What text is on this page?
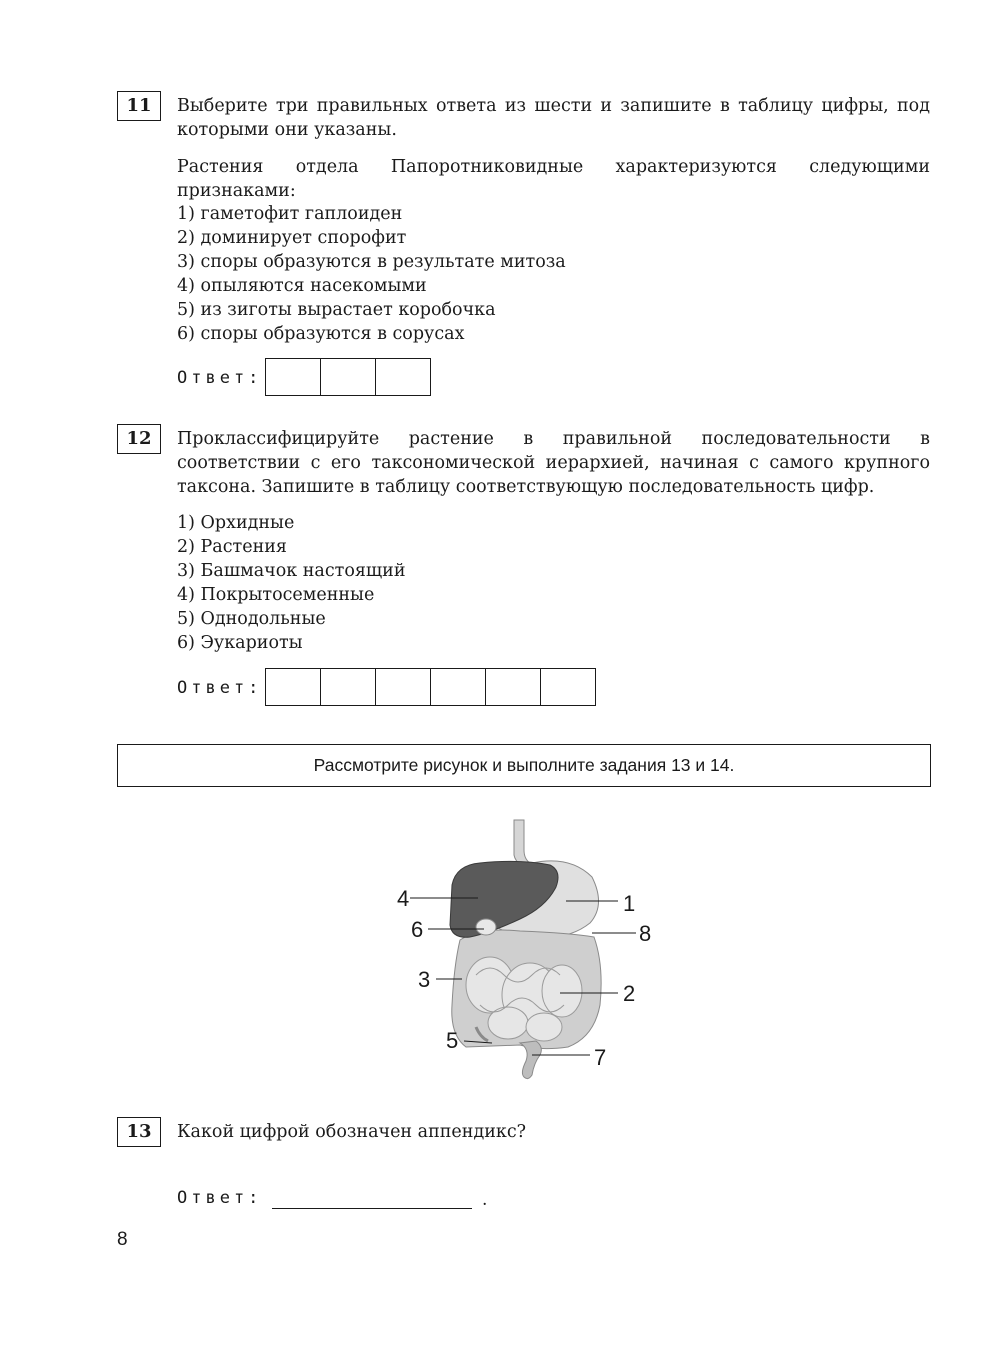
11	Выберите три правильных ответа из шести и запишите в таблицу цифры, под которыми они указаны.
Растения отдела Папоротниковидные характеризуются следующими признаками:
1) гаметофит гаплоиден
2) доминирует спорофит
3) споры образуются в результате митоза
4) опыляются насекомыми
5) из зиготы вырастает коробочка
6) споры образуются в сорусах
Ответ:
12	Проклассифицируйте растение в правильной последовательности в соответствии с его таксономической иерархией, начиная с самого крупного таксона. Запишите в таблицу соответствующую последовательность цифр.
1) Орхидные
2) Растения
3) Башмачок настоящий
4) Покрытосеменные
5) Однодольные
6) Эукариоты
Ответ:
Рассмотрите рисунок и выполните задания 13 и 14.
4
6
3
5
1
8
2
7
13	Какой цифрой обозначен аппендикс?
Ответ:	.
8
